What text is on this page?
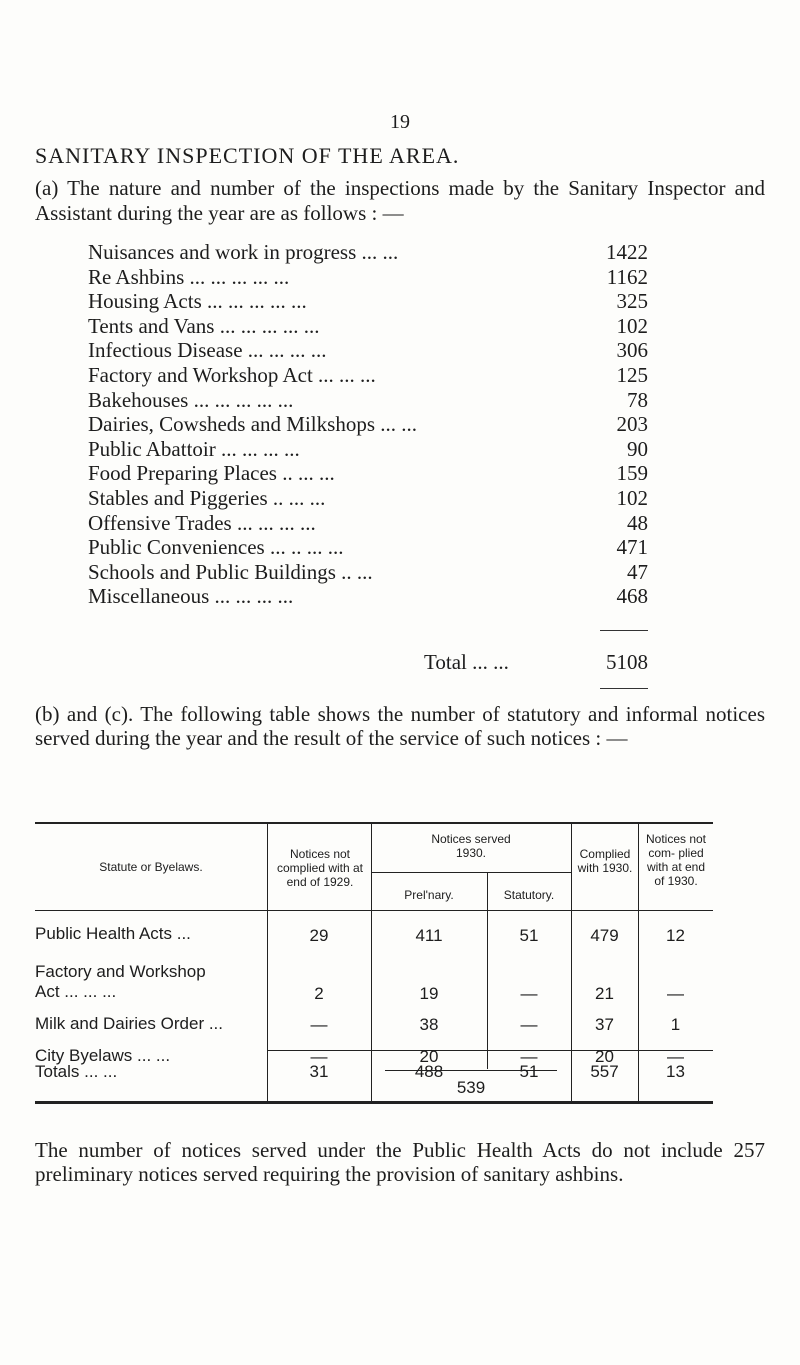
19
SANITARY INSPECTION OF THE AREA.
(a) The nature and number of the inspections made by the Sanitary Inspector and Assistant during the year are as follows : —
Nuisances and work in progress ... ...	1422
Re Ashbins ... ... ... ... ...	1162
Housing Acts ... ... ... ... ...	325
Tents and Vans ... ... ... ... ...	102
Infectious Disease ... ... ... ...	306
Factory and Workshop Act ... ... ...	125
Bakehouses ... ... ... ... ...	78
Dairies, Cowsheds and Milkshops ... ...	203
Public Abattoir ... ... ... ...	90
Food Preparing Places .. ... ...	159
Stables and Piggeries .. ... ...	102
Offensive Trades ... ... ... ...	48
Public Conveniences ... .. ... ...	471
Schools and Public Buildings .. ...	47
Miscellaneous ... ... ... ...	468
Total ... ...	5108
(b) and (c). The following table shows the number of statutory and informal notices served during the year and the result of the service of such notices : —
Statute or Byelaws.
Notices not complied with at end of 1929.
Notices served 1930.
Prel'nary.	Statutory.
Complied with 1930.
Notices not com- plied with at end of 1930.
Public Health Acts ...	29	411	51	479	12
Factory and Workshop
Act ... ... ...	2	19	—	21	—
Milk and Dairies Order ...	—	38	—	37	1
City Byelaws ... ...	—	20	—	20	—
Totals ... ...	31	488	51	557	13
539
The number of notices served under the Public Health Acts do not include 257 preliminary notices served requiring the provision of sanitary ashbins.
